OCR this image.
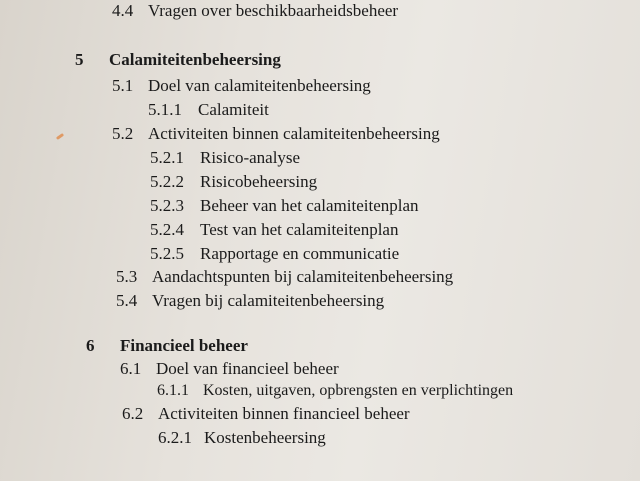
4.4 Vragen over beschikbaarheidsbeheer
5 Calamiteitenbeheersing
5.1 Doel van calamiteitenbeheersing
5.1.1 Calamiteit
5.2 Activiteiten binnen calamiteitenbeheersing
5.2.1 Risico-analyse
5.2.2 Risicobeheersing
5.2.3 Beheer van het calamiteitenplan
5.2.4 Test van het calamiteitenplan
5.2.5 Rapportage en communicatie
5.3 Aandachtspunten bij calamiteitenbeheersing
5.4 Vragen bij calamiteitenbeheersing
6 Financieel beheer
6.1 Doel van financieel beheer
6.1.1 Kosten, uitgaven, opbrengsten en verplichtingen
6.2 Activiteiten binnen financieel beheer
6.2.1 Kostenbeheersing
